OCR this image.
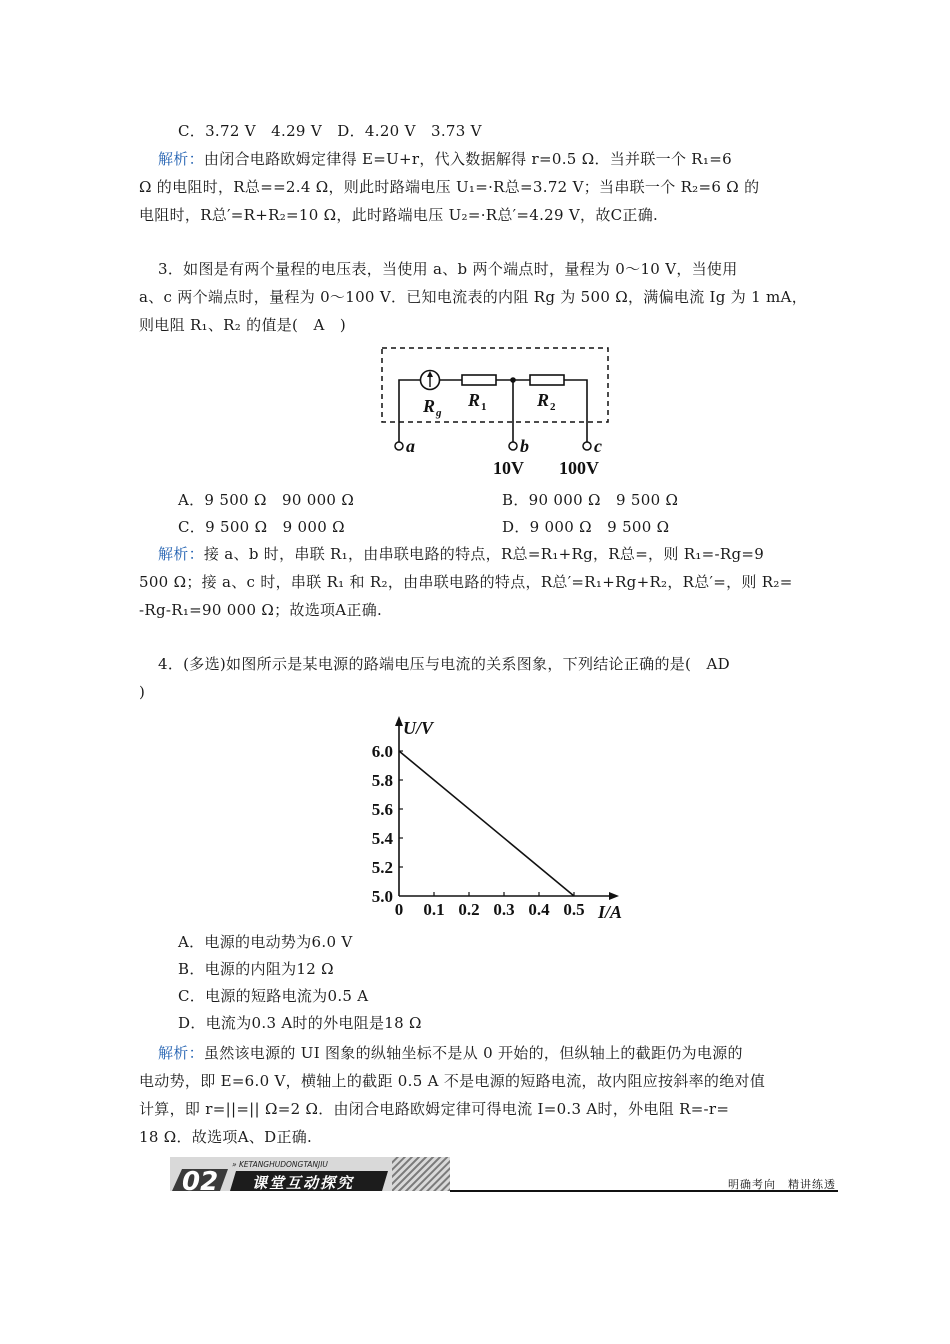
C．3.72 V　4.29 V　D．4.20 V　3.73 V
解析：由闭合电路欧姆定律得 E=U+r，代入数据解得 r=0.5 Ω．当并联一个 R₁=6
Ω 的电阻时，R总==2.4 Ω，则此时路端电压 U₁=·R总=3.72 V；当串联一个 R₂=6 Ω 的
电阻时，R总′=R+R₂=10 Ω，此时路端电压 U₂=·R总′=4.29 V，故C正确.
3．如图是有两个量程的电压表，当使用 a、b 两个端点时，量程为 0～10 V，当使用
a、c 两个端点时，量程为 0～100 V．已知电流表的内阻 Rg 为 500 Ω，满偏电流 Ig 为 1 mA，
则电阻 R₁、R₂ 的值是(　A　)
R g
R 1	R 2
a	b	c
10V 100V
A．9 500 Ω　90 000 Ω	B．90 000 Ω　9 500 Ω
C．9 500 Ω　9 000 Ω	D．9 000 Ω　9 500 Ω
解析：接 a、b 时，串联 R₁，由串联电路的特点，R总=R₁+Rg，R总=，则 R₁=-Rg=9
500 Ω；接 a、c 时，串联 R₁ 和 R₂，由串联电路的特点，R总′=R₁+Rg+R₂，R总′=，则 R₂=
-Rg-R₁=90 000 Ω；故选项A正确.
4．(多选)如图所示是某电源的路端电压与电流的关系图象，下列结论正确的是(　AD
)
5.0
5.2
5.4
5.6
5.8
6.0
0 0.1 0.2 0.3 0.4 0.5
U/V
I/A
A．电源的电动势为6.0 V
B．电源的内阻为12 Ω
C．电源的短路电流为0.5 A
D．电流为0.3 A时的外电阻是18 Ω
解析：虽然该电源的 UI 图象的纵轴坐标不是从 0 开始的，但纵轴上的截距仍为电源的
电动势，即 E=6.0 V，横轴上的截距 0.5 A 不是电源的短路电流，故内阻应按斜率的绝对值
计算，即 r=||=|| Ω=2 Ω．由闭合电路欧姆定律可得电流 I=0.3 A时，外电阻 R=-r=
18 Ω．故选项A、D正确.
02
» KETANGHUDONGTANJIU
课堂互动探究	明确考向　精讲练透
